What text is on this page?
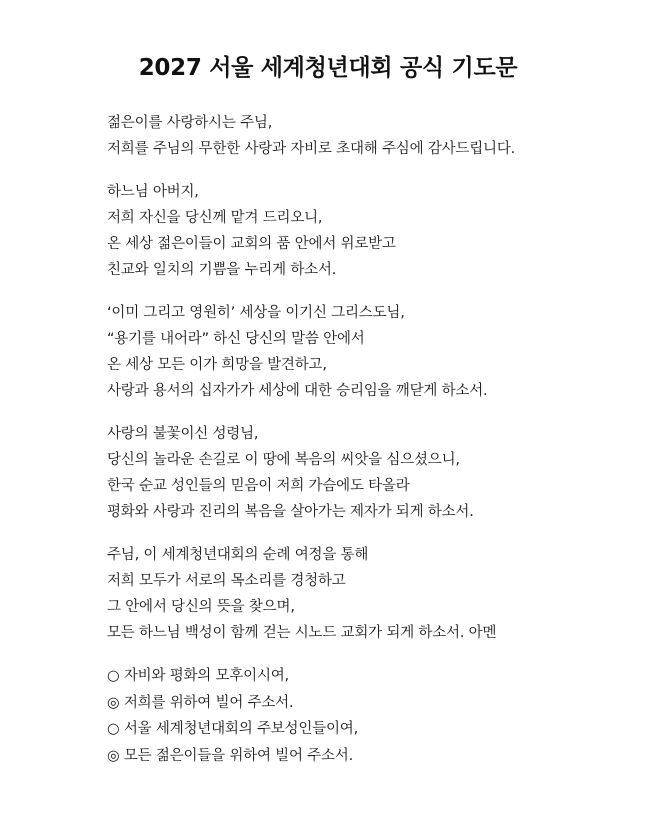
2027 서울 세계청년대회 공식 기도문
젊은이를 사랑하시는 주님,
저희를 주님의 무한한 사랑과 자비로 초대해 주심에 감사드립니다.
하느님 아버지,
저희 자신을 당신께 맡겨 드리오니,
온 세상 젊은이들이 교회의 품 안에서 위로받고
친교와 일치의 기쁨을 누리게 하소서.
‘이미 그리고 영원히’ 세상을 이기신 그리스도님,
“용기를 내어라” 하신 당신의 말씀 안에서
온 세상 모든 이가 희망을 발견하고,
사랑과 용서의 십자가가 세상에 대한 승리임을 깨닫게 하소서.
사랑의 불꽃이신 성령님,
당신의 놀라운 손길로 이 땅에 복음의 씨앗을 심으셨으니,
한국 순교 성인들의 믿음이 저희 가슴에도 타올라
평화와 사랑과 진리의 복음을 살아가는 제자가 되게 하소서.
주님, 이 세계청년대회의 순례 여정을 통해
저희 모두가 서로의 목소리를 경청하고
그 안에서 당신의 뜻을 찾으며,
모든 하느님 백성이 함께 걷는 시노드 교회가 되게 하소서. 아멘
○ 자비와 평화의 모후이시여,
◎ 저희를 위하여 빌어 주소서.
○ 서울 세계청년대회의 주보성인들이여,
◎ 모든 젊은이들을 위하여 빌어 주소서.
